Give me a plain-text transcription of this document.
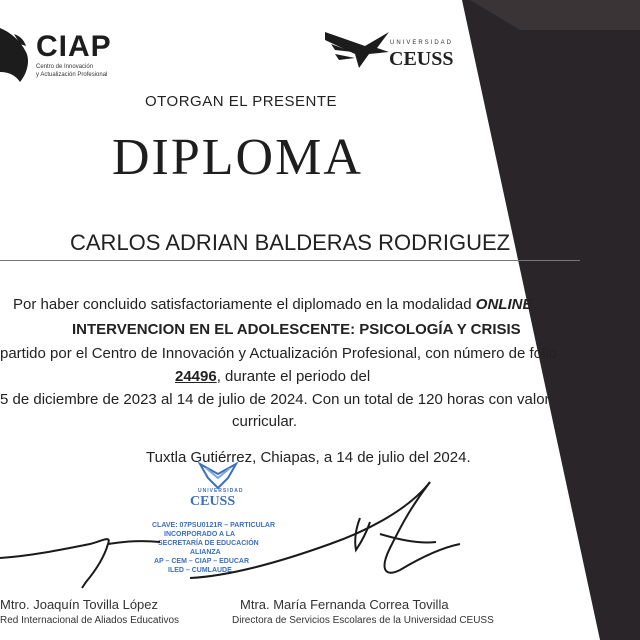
CIAP
Centro de Innovación
y Actualización Profesional
UNIVERSIDAD
CEUSS
OTORGAN EL PRESENTE
DIPLOMA
CARLOS ADRIAN BALDERAS RODRIGUEZ
Por haber concluido satisfactoriamente el diplomado en la modalidad ONLINE
INTERVENCION EN EL ADOLESCENTE: PSICOLOGÍA Y CRISIS
partido por el Centro de Innovación y Actualización Profesional, con número de folio
24496, durante el periodo del
5 de diciembre de 2023 al 14 de julio de 2024. Con un total de 120 horas con valor
curricular.
Tuxtla Gutiérrez, Chiapas, a 14 de julio del 2024.
UNIVERSIDAD
CEUSS
CLAVE: 07PSU0121R – PARTICULAR
INCORPORADO A LA
SECRETARÍA DE EDUCACIÓN
ALIANZA
AP – CEM – CIAP – EDUCAR
ILED – CUMLAUDE
Mtro. Joaquín Tovilla López
Red Internacional de Aliados Educativos
Mtra. María Fernanda Correa Tovilla
Directora de Servicios Escolares de la Universidad CEUSS
